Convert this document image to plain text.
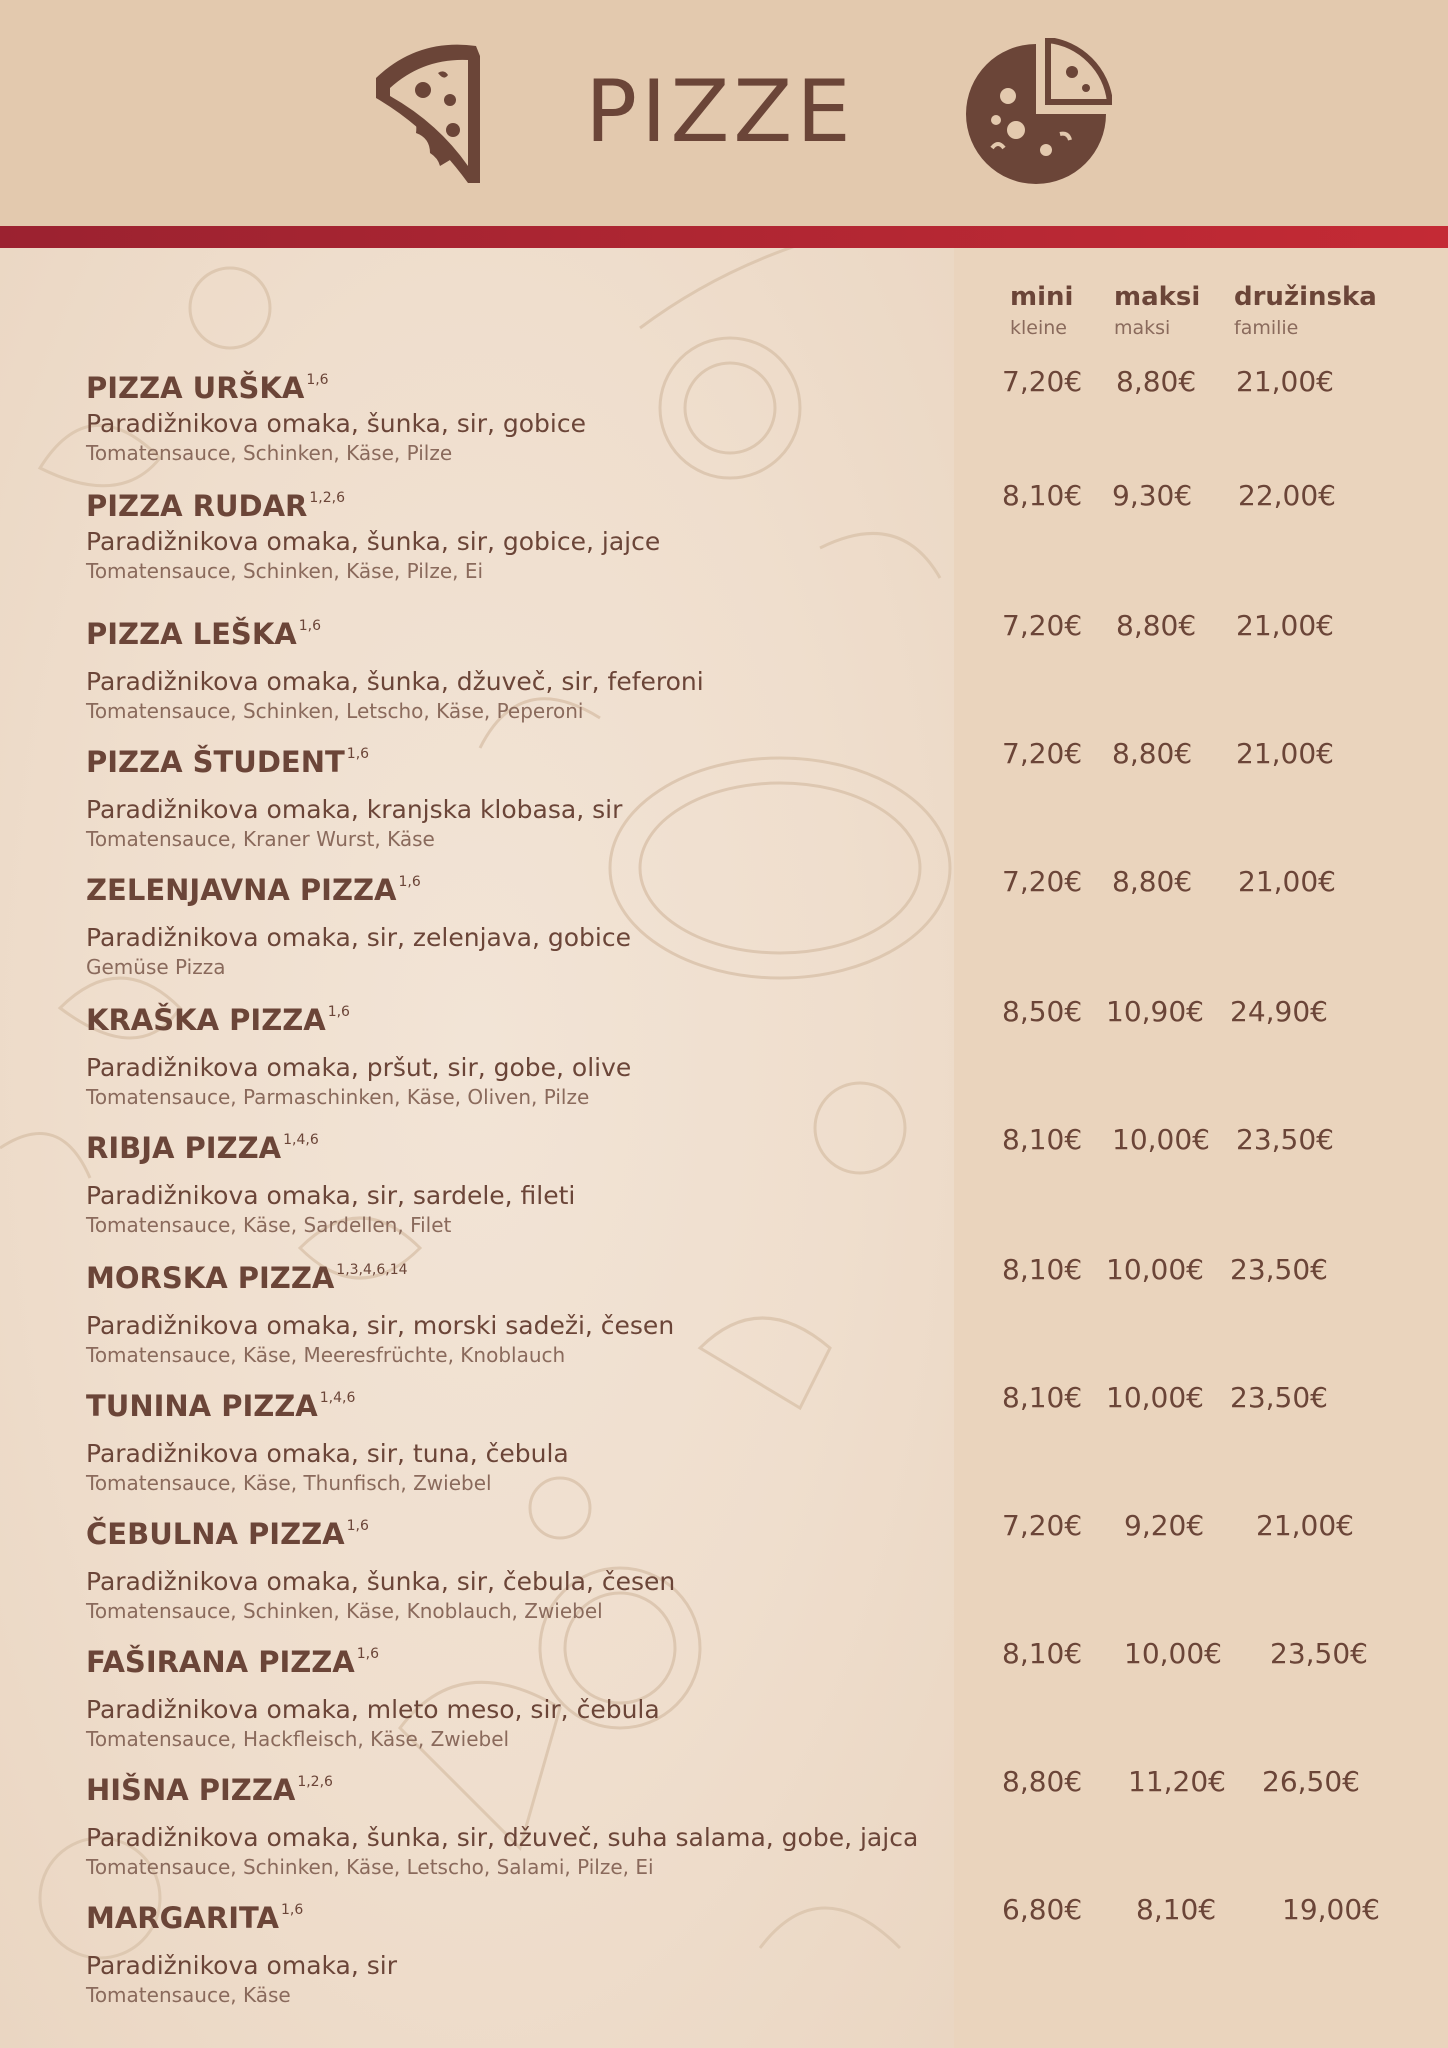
PIZZE
mini
kleine
maksi
maksi
družinska
familie
PIZZA URŠKA $^{1,6}$
Paradižnikova omaka, šunka, sir, gobice
Tomatensauce, Schinken, Käse, Pilze
7,20€ 8,80€ 21,00€
PIZZA RUDAR $^{1,2,6}$
Paradižnikova omaka, šunka, sir, gobice, jajce
Tomatensauce, Schinken, Käse, Pilze, Ei
8,10€ 9,30€ 22,00€
PIZZA LEŠKA $^{1,6}$
Paradižnikova omaka, šunka, džuveč, sir, feferoni
Tomatensauce, Schinken, Letscho, Käse, Peperoni
7,20€ 8,80€ 21,00€
PIZZA ŠTUDENT $^{1,6}$
Paradižnikova omaka, kranjska klobasa, sir
Tomatensauce, Kraner Wurst, Käse
7,20€ 8,80€ 21,00€
ZELENJAVNA PIZZA $^{1,6}$
Paradižnikova omaka, sir, zelenjava, gobice
Gemüse Pizza
7,20€ 8,80€ 21,00€
KRAŠKA PIZZA $^{1,6}$
Paradižnikova omaka, pršut, sir, gobe, olive
Tomatensauce, Parmaschinken, Käse, Oliven, Pilze
8,50€ 10,90€ 24,90€
RIBJA PIZZA $^{1,4,6}$
Paradižnikova omaka, sir, sardele, fileti
Tomatensauce, Käse, Sardellen, Filet
8,10€ 10,00€ 23,50€
MORSKA PIZZA $^{1,3,4,6,14}$
Paradižnikova omaka, sir, morski sadeži, česen
Tomatensauce, Käse, Meeresfrüchte, Knoblauch
8,10€ 10,00€ 23,50€
TUNINA PIZZA $^{1,4,6}$
Paradižnikova omaka, sir, tuna, čebula
Tomatensauce, Käse, Thunfisch, Zwiebel
8,10€ 10,00€ 23,50€
ČEBULNA PIZZA $^{1,6}$
Paradižnikova omaka, šunka, sir, čebula, česen
Tomatensauce, Schinken, Käse, Knoblauch, Zwiebel
7,20€ 9,20€ 21,00€
FAŠIRANA PIZZA $^{1,6}$
Paradižnikova omaka, mleto meso, sir, čebula
Tomatensauce, Hackfleisch, Käse, Zwiebel
8,10€ 10,00€ 23,50€
HIŠNA PIZZA $^{1,2,6}$
Paradižnikova omaka, šunka, sir, džuveč, suha salama, gobe, jajca
Tomatensauce, Schinken, Käse, Letscho, Salami, Pilze, Ei
8,80€ 11,20€ 26,50€
MARGARITA $^{1,6}$
Paradižnikova omaka, sir
Tomatensauce, Käse
6,80€ 8,10€ 19,00€
